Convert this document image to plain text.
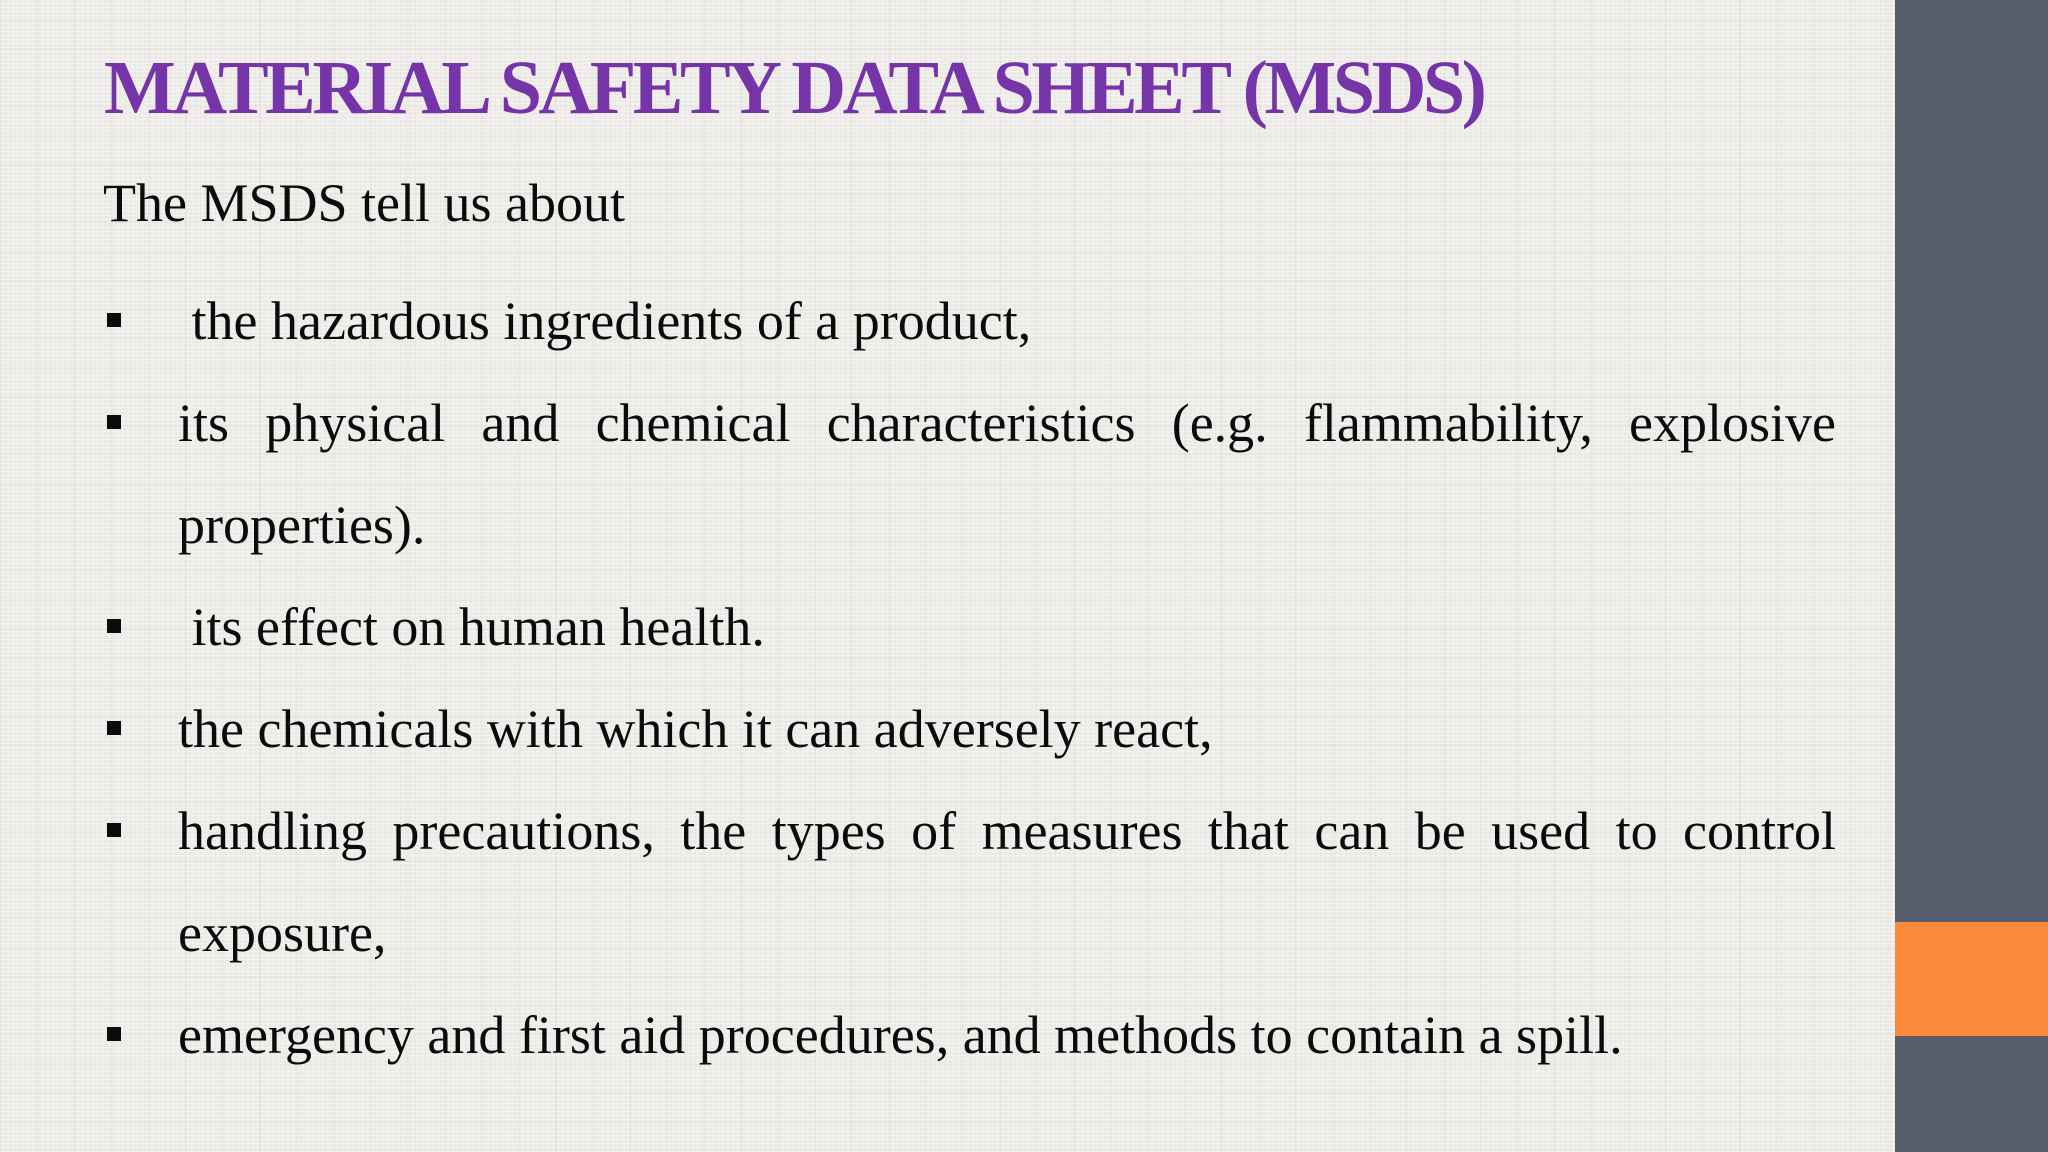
MATERIAL SAFETY DATA SHEET (MSDS)

The MSDS tell us about

the hazardous ingredients of a product,
its physical and chemical characteristics (e.g. flammability, explosive properties).
its effect on human health.
the chemicals with which it can adversely react,
handling precautions, the types of measures that can be used to control exposure,
emergency and first aid procedures, and methods to contain a spill.
